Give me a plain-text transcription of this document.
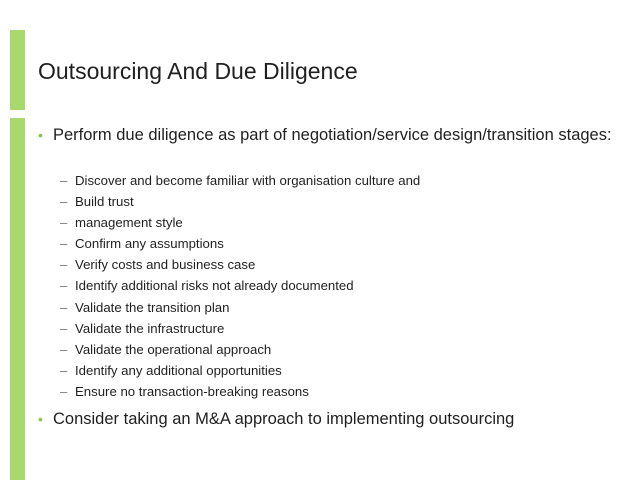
Outsourcing And Due Diligence
• Perform due diligence as part of negotiation/service design/transition stages:
– Discover and become familiar with organisation culture and
– Build trust
– management style
– Confirm any assumptions
– Verify costs and business case
– Identify additional risks not already documented
– Validate the transition plan
– Validate the infrastructure
– Validate the operational approach
– Identify any additional opportunities
– Ensure no transaction-breaking reasons
• Consider taking an M&A approach to implementing outsourcing
